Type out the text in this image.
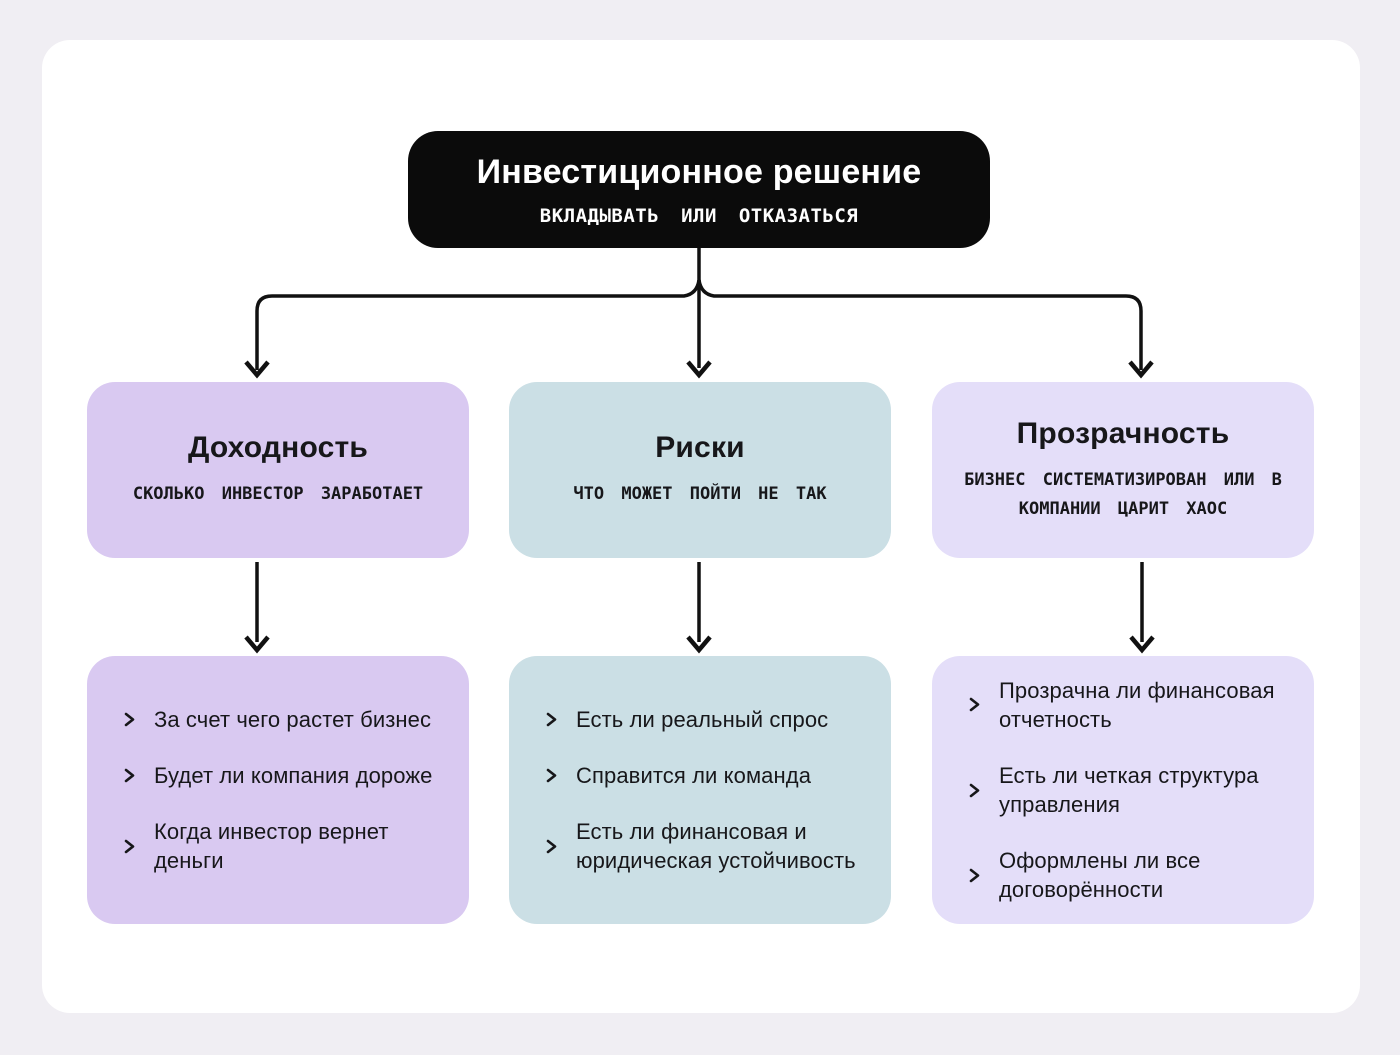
Инвестиционное решение
ВКЛАДЫВАТЬ ИЛИ ОТКАЗАТЬСЯ
Доходность
СКОЛЬКО ИНВЕСТОР ЗАРАБОТАЕТ
Риски
ЧТО МОЖЕТ ПОЙТИ НЕ ТАК
Прозрачность
БИЗНЕС СИСТЕМАТИЗИРОВАН ИЛИ В КОМПАНИИ ЦАРИТ ХАОС
За счет чего растет бизнес
Будет ли компания дороже
Когда инвестор вернет деньги
Есть ли реальный спрос
Справится ли команда
Есть ли финансовая и юридическая устойчивость
Прозрачна ли финансовая отчетность
Есть ли четкая структура управления
Оформлены ли все договорённости
